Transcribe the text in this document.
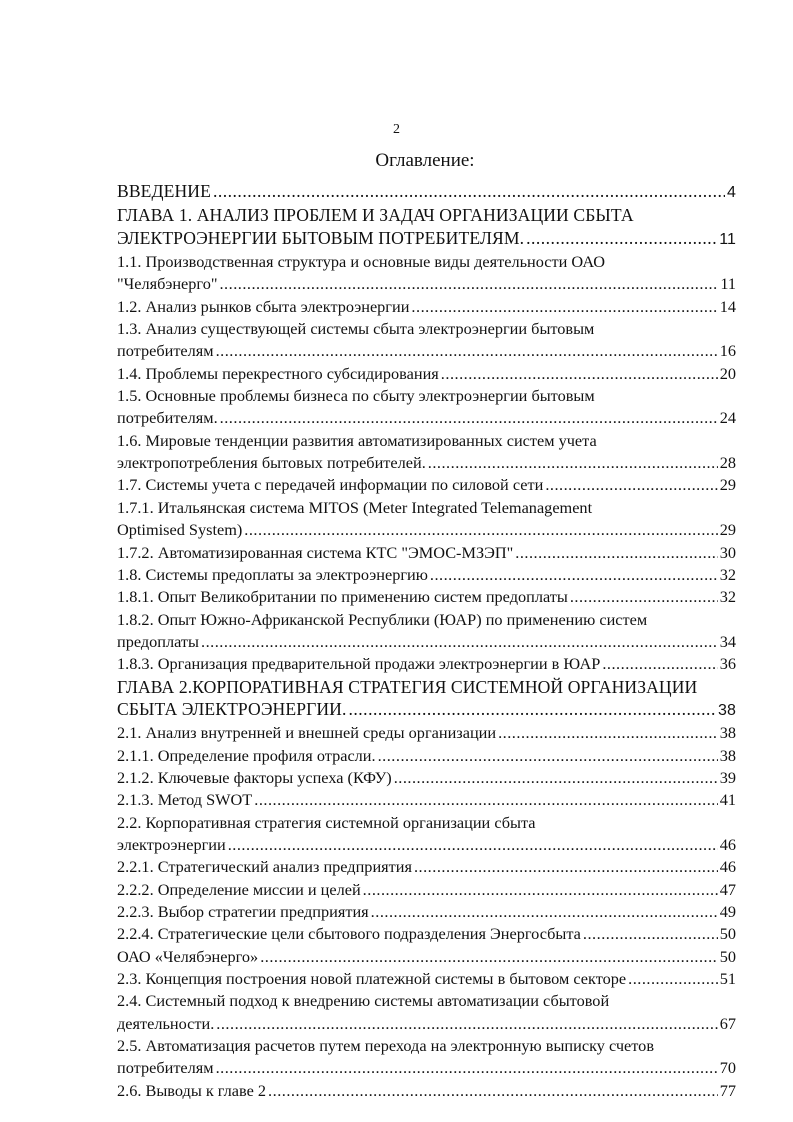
2
Оглавление:
ВВЕДЕНИЕ .....	4
ГЛАВА 1. АНАЛИЗ ПРОБЛЕМ И ЗАДАЧ ОРГАНИЗАЦИИ СБЫТА
ЭЛЕКТРОЭНЕРГИИ БЫТОВЫМ ПОТРЕБИТЕЛЯМ. .....	11
1.1. Производственная структура и основные виды деятельности ОАО
"Челябэнерго" .....	11
1.2. Анализ рынков сбыта электроэнергии .....	14
1.3. Анализ существующей системы сбыта электроэнергии бытовым
потребителям .....	16
1.4. Проблемы перекрестного субсидирования .....	20
1.5. Основные проблемы бизнеса по сбыту электроэнергии бытовым
потребителям. .....	24
1.6. Мировые тенденции развития автоматизированных систем учета
электропотребления бытовых потребителей. .....	28
1.7. Системы учета с передачей информации по силовой сети .....	29
1.7.1. Итальянская система MITOS (Meter Integrated Telemanagement
Optimised System) .....	29
1.7.2. Автоматизированная система КТС "ЭМОС-МЗЭП" .....	30
1.8. Системы предоплаты за электроэнергию .....	32
1.8.1. Опыт Великобритании по применению систем предоплаты .....	32
1.8.2. Опыт Южно-Африканской Республики (ЮАР) по применению систем
предоплаты .....	34
1.8.3. Организация предварительной продажи электроэнергии в ЮАР .....	36
ГЛАВА 2.КОРПОРАТИВНАЯ СТРАТЕГИЯ СИСТЕМНОЙ ОРГАНИЗАЦИИ
СБЫТА ЭЛЕКТРОЭНЕРГИИ. .....	38
2.1. Анализ внутренней и внешней среды организации .....	38
2.1.1. Определение профиля отрасли. .....	38
2.1.2. Ключевые факторы успеха (КФУ) .....	39
2.1.3. Метод SWOT .....	41
2.2. Корпоративная стратегия системной организации сбыта
электроэнергии .....	46
2.2.1. Стратегический анализ предприятия .....	46
2.2.2. Определение миссии и целей .....	47
2.2.3. Выбор стратегии предприятия .....	49
2.2.4. Стратегические цели сбытового подразделения Энергосбыта .....	50
ОАО «Челябэнерго» .....	50
2.3. Концепция построения новой платежной системы в бытовом секторе .....	51
2.4. Системный подход к внедрению системы автоматизации сбытовой
деятельности. .....	67
2.5. Автоматизация расчетов путем перехода на электронную выписку счетов
потребителям .....	70
2.6. Выводы к главе 2 .....	77
